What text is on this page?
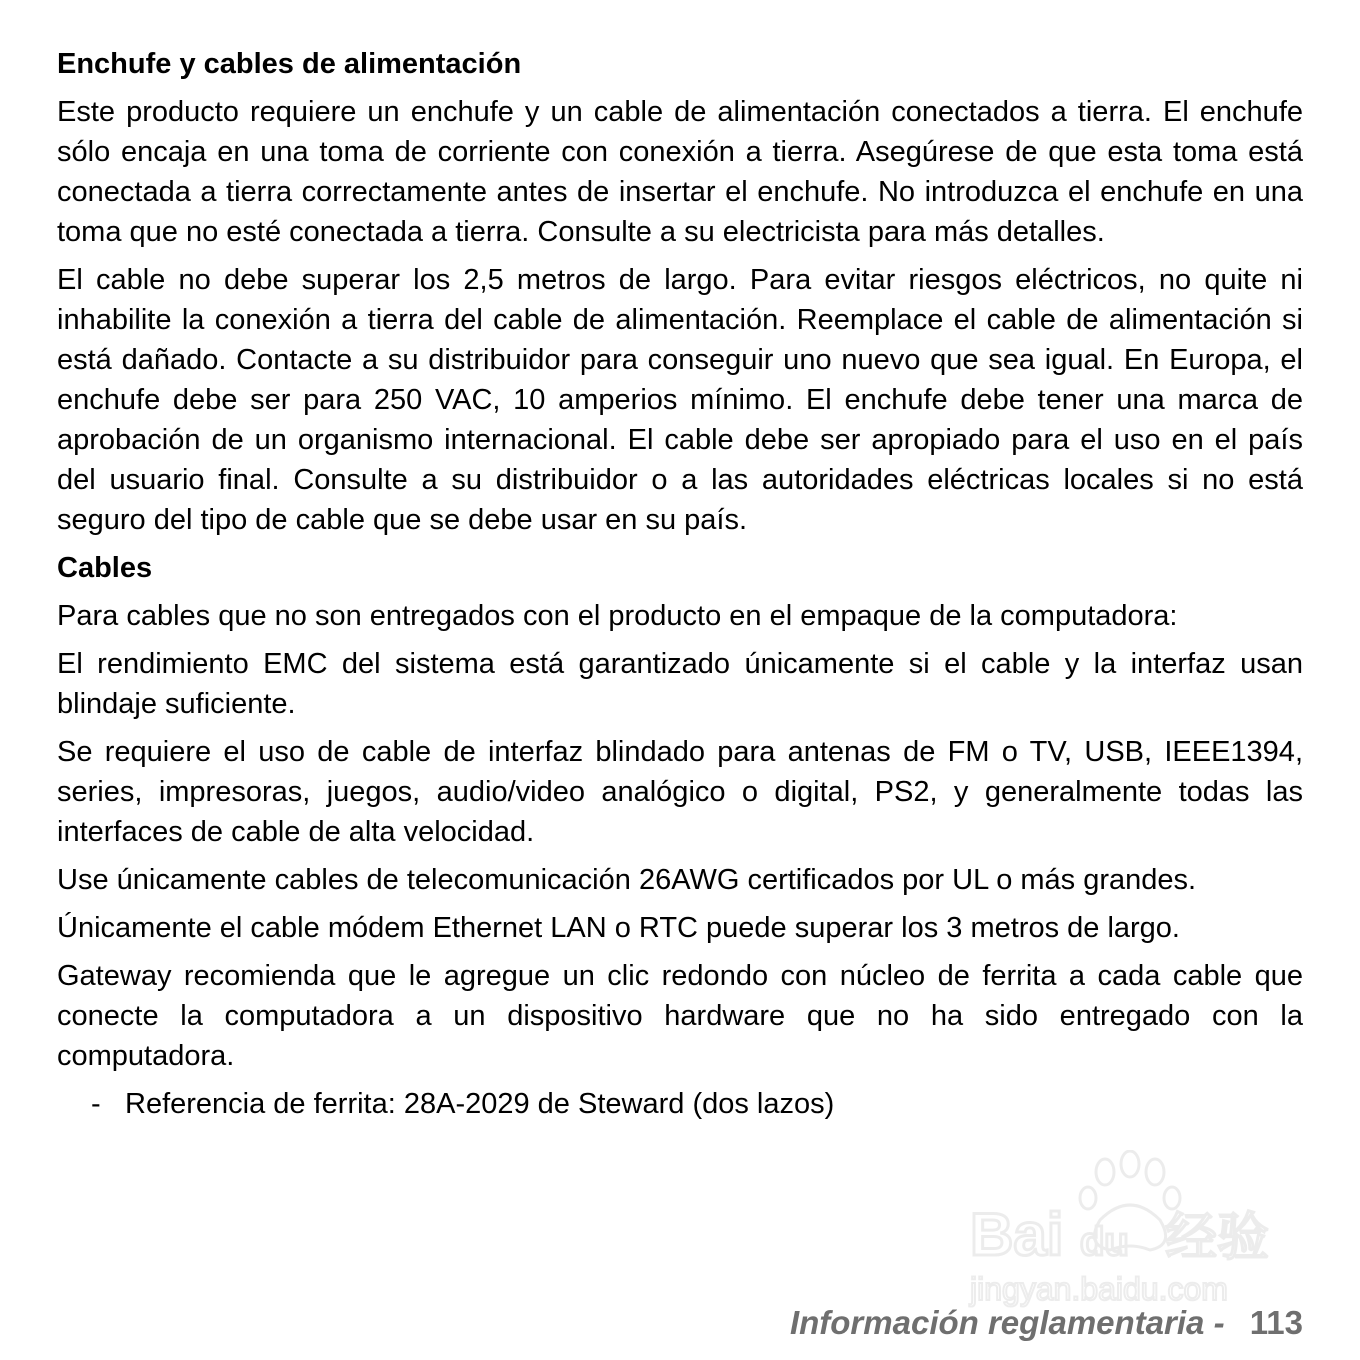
Enchufe y cables de alimentación

Este producto requiere un enchufe y un cable de alimentación conectados a tierra. El enchufe sólo encaja en una toma de corriente con conexión a tierra. Asegúrese de que esta toma está conectada a tierra correctamente antes de insertar el enchufe. No introduzca el enchufe en una toma que no esté conectada a tierra. Consulte a su electricista para más detalles.

El cable no debe superar los 2,5 metros de largo. Para evitar riesgos eléctricos, no quite ni inhabilite la conexión a tierra del cable de alimentación. Reemplace el cable de alimentación si está dañado. Contacte a su distribuidor para conseguir uno nuevo que sea igual. En Europa, el enchufe debe ser para 250 VAC, 10 amperios mínimo. El enchufe debe tener una marca de aprobación de un organismo internacional. El cable debe ser apropiado para el uso en el país del usuario final. Consulte a su distribuidor o a las autoridades eléctricas locales si no está seguro del tipo de cable que se debe usar en su país.

Cables

Para cables que no son entregados con el producto en el empaque de la computadora:

El rendimiento EMC del sistema está garantizado únicamente si el cable y la interfaz usan blindaje suficiente.

Se requiere el uso de cable de interfaz blindado para antenas de FM o TV, USB, IEEE1394, series, impresoras, juegos, audio/video analógico o digital, PS2, y generalmente todas las interfaces de cable de alta velocidad.

Use únicamente cables de telecomunicación 26AWG certificados por UL o más grandes.

Únicamente el cable módem Ethernet LAN o RTC puede superar los 3 metros de largo.

Gateway recomienda que le agregue un clic redondo con núcleo de ferrita a cada cable que conecte la computadora a un dispositivo hardware que no ha sido entregado con la computadora.

- Referencia de ferrita: 28A-2029 de Steward (dos lazos)
Bai du 经验
jingyan.baidu.com
Información reglamentaria - 113
